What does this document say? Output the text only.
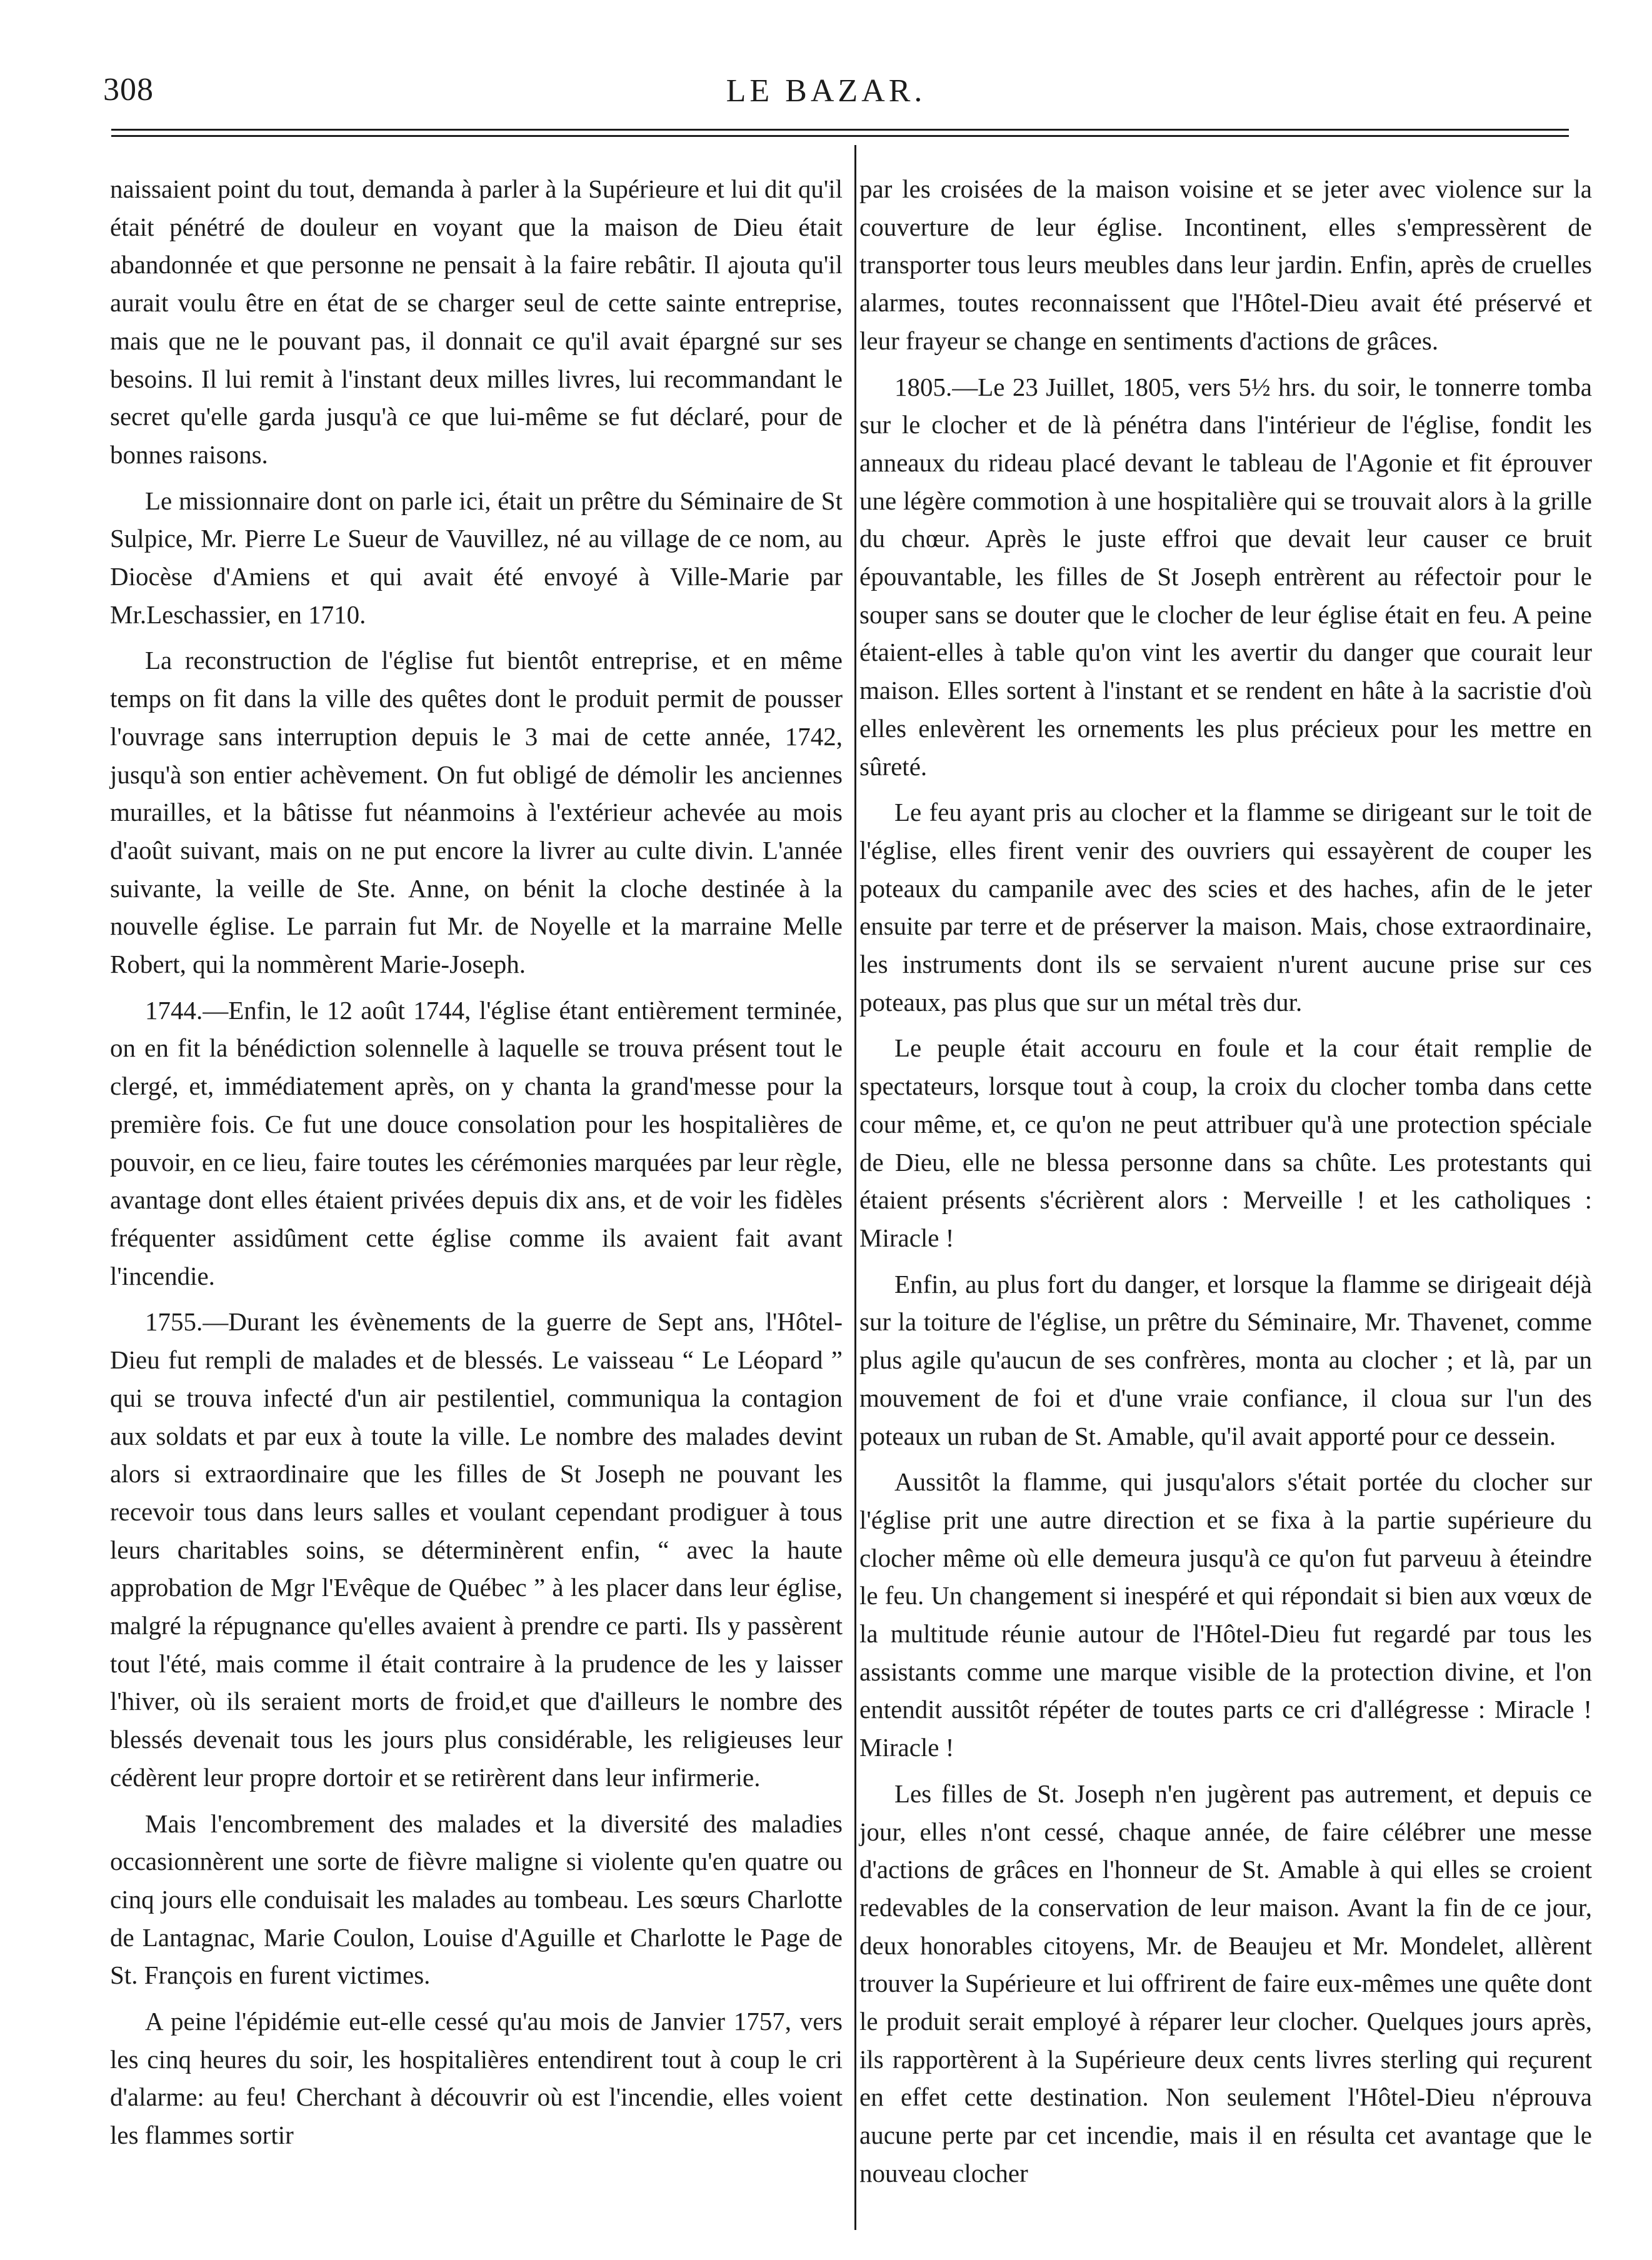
308	LE BAZAR.

naissaient point du tout, demanda à parler à la Supérieure et lui dit qu'il était pénétré de douleur en voyant que la maison de Dieu était abandonnée et que personne ne pensait à la faire rebâtir. Il ajouta qu'il aurait voulu être en état de se charger seul de cette sainte entreprise, mais que ne le pouvant pas, il donnait ce qu'il avait épargné sur ses besoins. Il lui remit à l'instant deux milles livres, lui recommandant le secret qu'elle garda jusqu'à ce que lui-même se fut déclaré, pour de bonnes raisons.

Le missionnaire dont on parle ici, était un prêtre du Séminaire de St Sulpice, Mr. Pierre Le Sueur de Vauvillez, né au village de ce nom, au Diocèse d'Amiens et qui avait été envoyé à Ville-Marie par Mr.Leschassier, en 1710.

La reconstruction de l'église fut bientôt entreprise, et en même temps on fit dans la ville des quêtes dont le produit permit de pousser l'ouvrage sans interruption depuis le 3 mai de cette année, 1742, jusqu'à son entier achèvement. On fut obligé de démolir les anciennes murailles, et la bâtisse fut néanmoins à l'extérieur achevée au mois d'août suivant, mais on ne put encore la livrer au culte divin. L'année suivante, la veille de Ste. Anne, on bénit la cloche destinée à la nouvelle église. Le parrain fut Mr. de Noyelle et la marraine Melle Robert, qui la nommèrent Marie-Joseph.

1744.—Enfin, le 12 août 1744, l'église étant entièrement terminée, on en fit la bénédiction solennelle à laquelle se trouva présent tout le clergé, et, immédiatement après, on y chanta la grand'messe pour la première fois. Ce fut une douce consolation pour les hospitalières de pouvoir, en ce lieu, faire toutes les cérémonies marquées par leur règle, avantage dont elles étaient privées depuis dix ans, et de voir les fidèles fréquenter assidûment cette église comme ils avaient fait avant l'incendie.

1755.—Durant les évènements de la guerre de Sept ans, l'Hôtel-Dieu fut rempli de malades et de blessés. Le vaisseau “ Le Léopard ” qui se trouva infecté d'un air pestilentiel, communiqua la contagion aux soldats et par eux à toute la ville. Le nombre des malades devint alors si extraordinaire que les filles de St Joseph ne pouvant les recevoir tous dans leurs salles et voulant cependant prodiguer à tous leurs charitables soins, se déterminèrent enfin, “ avec la haute approbation de Mgr l'Evêque de Québec ” à les placer dans leur église, malgré la répugnance qu'elles avaient à prendre ce parti. Ils y passèrent tout l'été, mais comme il était contraire à la prudence de les y laisser l'hiver, où ils seraient morts de froid,et que d'ailleurs le nombre des blessés devenait tous les jours plus considérable, les religieuses leur cédèrent leur propre dortoir et se retirèrent dans leur infirmerie.

Mais l'encombrement des malades et la diversité des maladies occasionnèrent une sorte de fièvre maligne si violente qu'en quatre ou cinq jours elle conduisait les malades au tombeau. Les sœurs Charlotte de Lantagnac, Marie Coulon, Louise d'Aguille et Charlotte le Page de St. François en furent victimes.

A peine l'épidémie eut-elle cessé qu'au mois de Janvier 1757, vers les cinq heures du soir, les hospitalières entendirent tout à coup le cri d'alarme: au feu! Cherchant à découvrir où est l'incendie, elles voient les flammes sortir

par les croisées de la maison voisine et se jeter avec violence sur la couverture de leur église. Incontinent, elles s'empressèrent de transporter tous leurs meubles dans leur jardin. Enfin, après de cruelles alarmes, toutes reconnaissent que l'Hôtel-Dieu avait été préservé et leur frayeur se change en sentiments d'actions de grâces.

1805.—Le 23 Juillet, 1805, vers 5½ hrs. du soir, le tonnerre tomba sur le clocher et de là pénétra dans l'intérieur de l'église, fondit les anneaux du rideau placé devant le tableau de l'Agonie et fit éprouver une légère commotion à une hospitalière qui se trouvait alors à la grille du chœur. Après le juste effroi que devait leur causer ce bruit épouvantable, les filles de St Joseph entrèrent au réfectoir pour le souper sans se douter que le clocher de leur église était en feu. A peine étaient-elles à table qu'on vint les avertir du danger que courait leur maison. Elles sortent à l'instant et se rendent en hâte à la sacristie d'où elles enlevèrent les ornements les plus précieux pour les mettre en sûreté.

Le feu ayant pris au clocher et la flamme se dirigeant sur le toit de l'église, elles firent venir des ouvriers qui essayèrent de couper les poteaux du campanile avec des scies et des haches, afin de le jeter ensuite par terre et de préserver la maison. Mais, chose extraordinaire, les instruments dont ils se servaient n'urent aucune prise sur ces poteaux, pas plus que sur un métal très dur.

Le peuple était accouru en foule et la cour était remplie de spectateurs, lorsque tout à coup, la croix du clocher tomba dans cette cour même, et, ce qu'on ne peut attribuer qu'à une protection spéciale de Dieu, elle ne blessa personne dans sa chûte. Les protestants qui étaient présents s'écrièrent alors : Merveille ! et les catholiques : Miracle !

Enfin, au plus fort du danger, et lorsque la flamme se dirigeait déjà sur la toiture de l'église, un prêtre du Séminaire, Mr. Thavenet, comme plus agile qu'aucun de ses confrères, monta au clocher ; et là, par un mouvement de foi et d'une vraie confiance, il cloua sur l'un des poteaux un ruban de St. Amable, qu'il avait apporté pour ce dessein.

Aussitôt la flamme, qui jusqu'alors s'était portée du clocher sur l'église prit une autre direction et se fixa à la partie supérieure du clocher même où elle demeura jusqu'à ce qu'on fut parveuu à éteindre le feu. Un changement si inespéré et qui répondait si bien aux vœux de la multitude réunie autour de l'Hôtel-Dieu fut regardé par tous les assistants comme une marque visible de la protection divine, et l'on entendit aussitôt répéter de toutes parts ce cri d'allégresse : Miracle ! Miracle !

Les filles de St. Joseph n'en jugèrent pas autrement, et depuis ce jour, elles n'ont cessé, chaque année, de faire célébrer une messe d'actions de grâces en l'honneur de St. Amable à qui elles se croient redevables de la conservation de leur maison. Avant la fin de ce jour, deux honorables citoyens, Mr. de Beaujeu et Mr. Mondelet, allèrent trouver la Supérieure et lui offrirent de faire eux-mêmes une quête dont le produit serait employé à réparer leur clocher. Quelques jours après, ils rapportèrent à la Supérieure deux cents livres sterling qui reçurent en effet cette destination. Non seulement l'Hôtel-Dieu n'éprouva aucune perte par cet incendie, mais il en résulta cet avantage que le nouveau clocher
